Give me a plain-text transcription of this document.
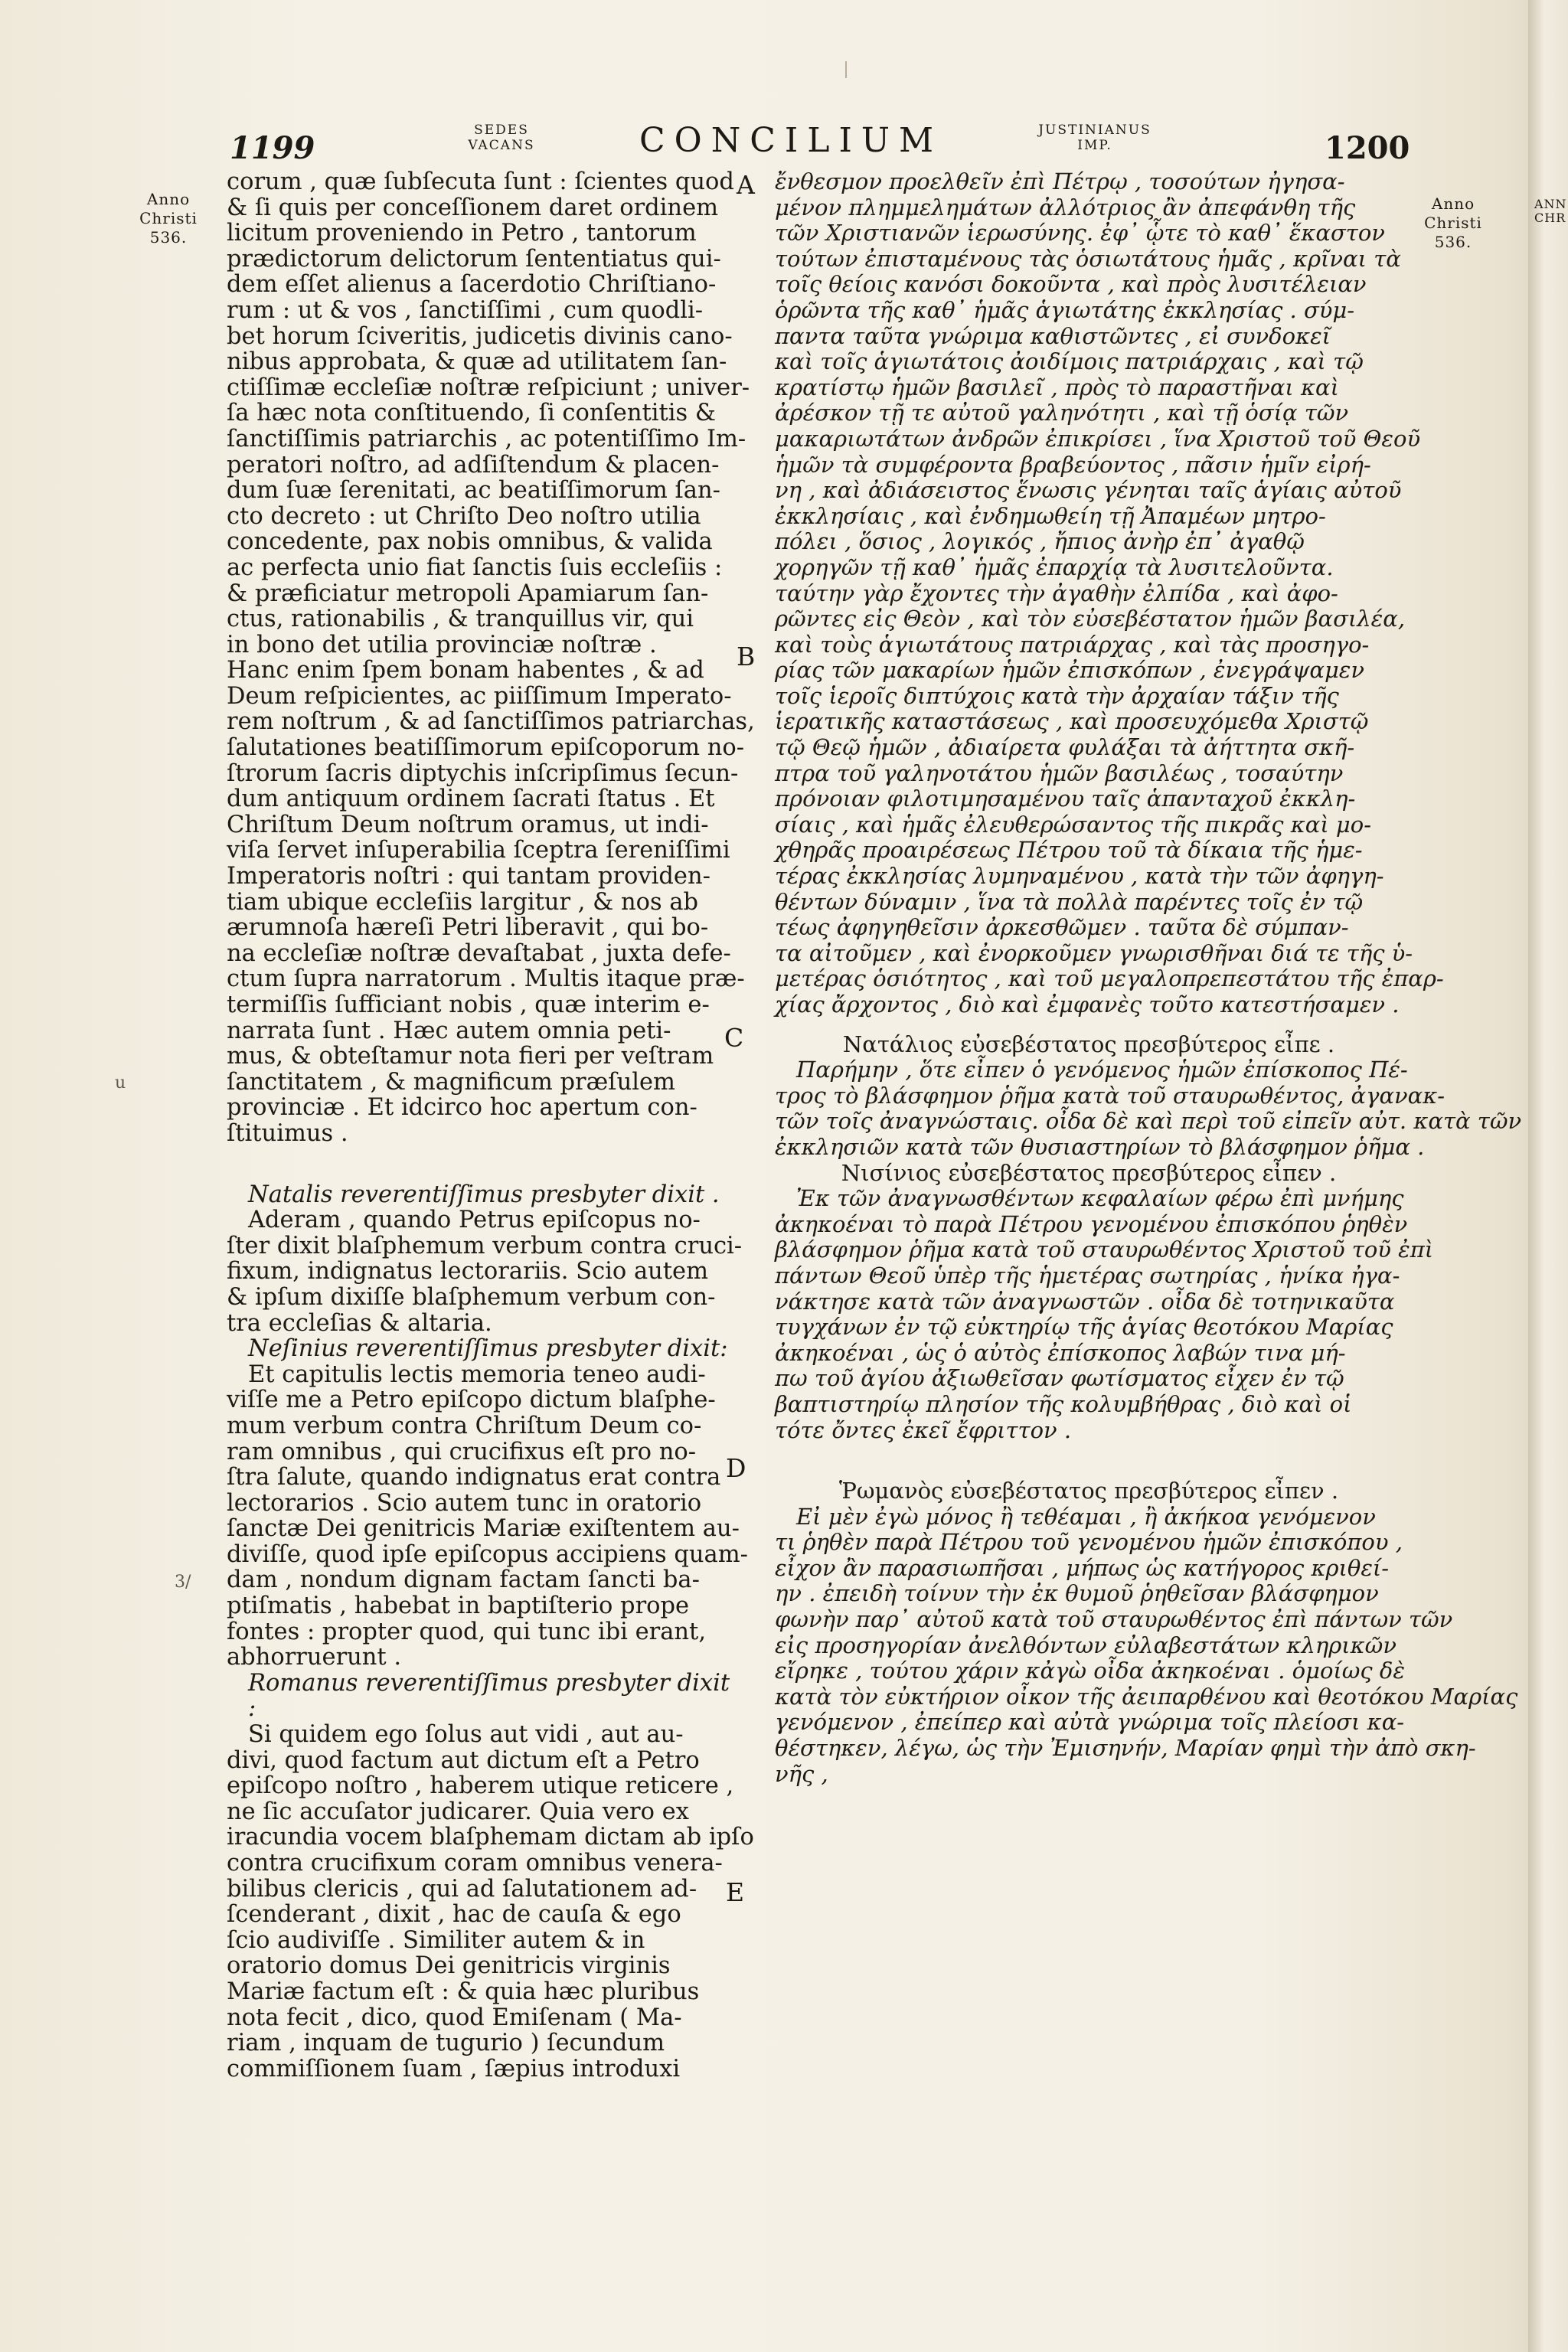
1199	SEDES
VACANS	CONCILIUM	JUSTINIANUS
IMP.	1200
Anno
Christi
536.
Anno
Christi
536.
A
B
C
D
E
u
3/
corum , quæ ſubſecuta ſunt : ſcientes quod
& ſi quis per conceſſionem daret ordinem
licitum proveniendo in Petro , tantorum
prædictorum delictorum ſententiatus qui-
dem eſſet alienus a ſacerdotio Chriſtiano-
rum : ut & vos , ſanctiſſimi , cum quodli-
bet horum ſciveritis, judicetis divinis cano-
nibus approbata, & quæ ad utilitatem ſan-
ctiſſimæ eccleſiæ noſtræ reſpiciunt ; univer-
ſa hæc nota conſtituendo, ſi conſentitis &
ſanctiſſimis patriarchis , ac potentiſſimo Im-
peratori noſtro, ad adſiſtendum & placen-
dum ſuæ ſerenitati, ac beatiſſimorum ſan-
cto decreto : ut Chriſto Deo noſtro utilia
concedente, pax nobis omnibus, & valida
ac perfecta unio fiat ſanctis ſuis eccleſiis :
& præficiatur metropoli Apamiarum ſan-
ctus, rationabilis , & tranquillus vir, qui
in bono det utilia provinciæ noſtræ .
Hanc enim ſpem bonam habentes , & ad
Deum reſpicientes, ac piiſſimum Imperato-
rem noſtrum , & ad ſanctiſſimos patriarchas,
ſalutationes beatiſſimorum epiſcoporum no-
ſtrorum ſacris diptychis inſcripſimus ſecun-
dum antiquum ordinem ſacrati ſtatus . Et
Chriſtum Deum noſtrum oramus, ut indi-
viſa ſervet inſuperabilia ſceptra ſereniſſimi
Imperatoris noſtri : qui tantam providen-
tiam ubique eccleſiis largitur , & nos ab
ærumnoſa hæreſi Petri liberavit , qui bo-
na eccleſiæ noſtræ devaſtabat , juxta defe-
ctum ſupra narratorum . Multis itaque præ-
termiſſis ſufficiant nobis , quæ interim e-
narrata ſunt . Hæc autem omnia peti-
mus, & obteſtamur nota fieri per veſtram
ſanctitatem , & magnificum præſulem
provinciæ . Et idcirco hoc apertum con-
ſtituimus .
Natalis reverentiſſimus presbyter dixit .
Aderam , quando Petrus epiſcopus no-
ſter dixit blaſphemum verbum contra cruci-
fixum, indignatus lectorariis. Scio autem
& ipſum dixiſſe blaſphemum verbum con-
tra eccleſias & altaria.
Neſinius reverentiſſimus presbyter dixit:
Et capitulis lectis memoria teneo audi-
viſſe me a Petro epiſcopo dictum blaſphe-
mum verbum contra Chriſtum Deum co-
ram omnibus , qui crucifixus eſt pro no-
ſtra ſalute, quando indignatus erat contra
lectorarios . Scio autem tunc in oratorio
ſanctæ Dei genitricis Mariæ exiſtentem au-
diviſſe, quod ipſe epiſcopus accipiens quam-
dam , nondum dignam factam ſancti ba-
ptiſmatis , habebat in baptiſterio prope
fontes : propter quod, qui tunc ibi erant,
abhorruerunt .
Romanus reverentiſſimus presbyter dixit :
Si quidem ego ſolus aut vidi , aut au-
divi, quod factum aut dictum eſt a Petro
epiſcopo noſtro , haberem utique reticere ,
ne ſic accuſator judicarer. Quia vero ex
iracundia vocem blaſphemam dictam ab ipſo
contra crucifixum coram omnibus venera-
bilibus clericis , qui ad ſalutationem ad-
ſcenderant , dixit , hac de cauſa & ego
ſcio audiviſſe . Similiter autem & in
oratorio domus Dei genitricis virginis
Mariæ factum eſt : & quia hæc pluribus
nota fecit , dico, quod Emiſenam ( Ma-
riam , inquam de tugurio ) ſecundum
commiſſionem ſuam , ſæpius introduxi
ἔνθεσμον προελθεῖν ἐπὶ Πέτρῳ , τοσούτων ἠγησα-
μένον πλημμελημάτων ἀλλότριος ἂν ἀπεφάνθη τῆς
τῶν Χριστιανῶν ἱερωσύνης. ἐφ᾽ ᾧτε τὸ καθ᾽ ἕκαστον
τούτων ἐπισταμένους τὰς ὁσιωτάτους ἡμᾶς , κρῖναι τὰ
τοῖς θείοις κανόσι δοκοῦντα , καὶ πρὸς λυσιτέλειαν
ὁρῶντα τῆς καθ᾽ ἡμᾶς ἁγιωτάτης ἐκκλησίας . σύμ-
παντα ταῦτα γνώριμα καθιστῶντες , εἰ συνδοκεῖ
καὶ τοῖς ἁγιωτάτοις ἀοιδίμοις πατριάρχαις , καὶ τῷ
κρατίστῳ ἡμῶν βασιλεῖ , πρὸς τὸ παραστῆναι καὶ
ἀρέσκον τῇ τε αὐτοῦ γαληνότητι , καὶ τῇ ὁσίᾳ τῶν
μακαριωτάτων ἀνδρῶν ἐπικρίσει , ἵνα Χριστοῦ τοῦ Θεοῦ
ἡμῶν τὰ συμφέροντα βραβεύοντος , πᾶσιν ἡμῖν εἰρή-
νη , καὶ ἀδιάσειστος ἕνωσις γένηται ταῖς ἁγίαις αὐτοῦ
ἐκκλησίαις , καὶ ἐνδημωθείη τῇ Ἀπαμέων μητρο-
πόλει , ὅσιος , λογικός , ἤπιος ἀνὴρ ἐπ᾽ ἀγαθῷ
χορηγῶν τῇ καθ᾽ ἡμᾶς ἐπαρχίᾳ τὰ λυσιτελοῦντα.
ταύτην γὰρ ἔχοντες τὴν ἀγαθὴν ἐλπίδα , καὶ ἀφο-
ρῶντες εἰς Θεὸν , καὶ τὸν εὐσεβέστατον ἡμῶν βασιλέα,
καὶ τοὺς ἁγιωτάτους πατριάρχας , καὶ τὰς προσηγο-
ρίας τῶν μακαρίων ἡμῶν ἐπισκόπων , ἐνεγράψαμεν
τοῖς ἱεροῖς διπτύχοις κατὰ τὴν ἀρχαίαν τάξιν τῆς
ἱερατικῆς καταστάσεως , καὶ προσευχόμεθα Χριστῷ
τῷ Θεῷ ἡμῶν , ἀδιαίρετα φυλάξαι τὰ ἀήττητα σκῆ-
πτρα τοῦ γαληνοτάτου ἡμῶν βασιλέως , τοσαύτην
πρόνοιαν φιλοτιμησαμένου ταῖς ἁπανταχοῦ ἐκκλη-
σίαις , καὶ ἡμᾶς ἐλευθερώσαντος τῆς πικρᾶς καὶ μο-
χθηρᾶς προαιρέσεως Πέτρου τοῦ τὰ δίκαια τῆς ἡμε-
τέρας ἐκκλησίας λυμηναμένου , κατὰ τὴν τῶν ἀφηγη-
θέντων δύναμιν , ἵνα τὰ πολλὰ παρέντες τοῖς ἐν τῷ
τέως ἀφηγηθεῖσιν ἀρκεσθῶμεν . ταῦτα δὲ σύμπαν-
τα αἰτοῦμεν , καὶ ἐνορκοῦμεν γνωρισθῆναι διά τε τῆς ὑ-
μετέρας ὁσιότητος , καὶ τοῦ μεγαλοπρεπεστάτου τῆς ἐπαρ-
χίας ἄρχοντος , διὸ καὶ ἐμφανὲς τοῦτο κατεστήσαμεν .
Νατάλιος εὐσεβέστατος πρεσβύτερος εἶπε .
Παρήμην , ὅτε εἶπεν ὁ γενόμενος ἡμῶν ἐπίσκοπος Πέ-
τρος τὸ βλάσφημον ῥῆμα κατὰ τοῦ σταυρωθέντος, ἀγανακ-
τῶν τοῖς ἀναγνώσταις. οἶδα δὲ καὶ περὶ τοῦ εἰπεῖν αὐτ. κατὰ τῶν
ἐκκλησιῶν κατὰ τῶν θυσιαστηρίων τὸ βλάσφημον ῥῆμα .
Νισίνιος εὐσεβέστατος πρεσβύτερος εἶπεν .
Ἐκ τῶν ἀναγνωσθέντων κεφαλαίων φέρω ἐπὶ μνήμης
ἀκηκοέναι τὸ παρὰ Πέτρου γενομένου ἐπισκόπου ῥηθὲν
βλάσφημον ῥῆμα κατὰ τοῦ σταυρωθέντος Χριστοῦ τοῦ ἐπὶ
πάντων Θεοῦ ὑπὲρ τῆς ἡμετέρας σωτηρίας , ἡνίκα ἠγα-
νάκτησε κατὰ τῶν ἀναγνωστῶν . οἶδα δὲ τοτηνικαῦτα
τυγχάνων ἐν τῷ εὐκτηρίῳ τῆς ἁγίας θεοτόκου Μαρίας
ἀκηκοέναι , ὡς ὁ αὐτὸς ἐπίσκοπος λαβών τινα μή-
πω τοῦ ἁγίου ἀξιωθεῖσαν φωτίσματος εἶχεν ἐν τῷ
βαπτιστηρίῳ πλησίον τῆς κολυμβήθρας , διὸ καὶ οἱ
τότε ὄντες ἐκεῖ ἔφριττον .
Ῥωμανὸς εὐσεβέστατος πρεσβύτερος εἶπεν .
Εἰ μὲν ἐγὼ μόνος ἢ τεθέαμαι , ἢ ἀκήκοα γενόμενον
τι ῥηθὲν παρὰ Πέτρου τοῦ γενομένου ἡμῶν ἐπισκόπου ,
εἶχον ἂν παρασιωπῆσαι , μήπως ὡς κατήγορος κριθεί-
ην . ἐπειδὴ τοίνυν τὴν ἐκ θυμοῦ ῥηθεῖσαν βλάσφημον
φωνὴν παρ᾽ αὐτοῦ κατὰ τοῦ σταυρωθέντος ἐπὶ πάντων τῶν
εἰς προσηγορίαν ἀνελθόντων εὐλαβεστάτων κληρικῶν
εἴρηκε , τούτου χάριν κἀγὼ οἶδα ἀκηκοέναι . ὁμοίως δὲ
κατὰ τὸν εὐκτήριον οἶκον τῆς ἀειπαρθένου καὶ θεοτόκου Μαρίας
γενόμενον , ἐπείπερ καὶ αὐτὰ γνώριμα τοῖς πλείοσι κα-
θέστηκεν, λέγω, ὡς τὴν Ἐμισηνήν, Μαρίαν φημὶ τὴν ἀπὸ σκη-
νῆς ,
ANN
CHR
